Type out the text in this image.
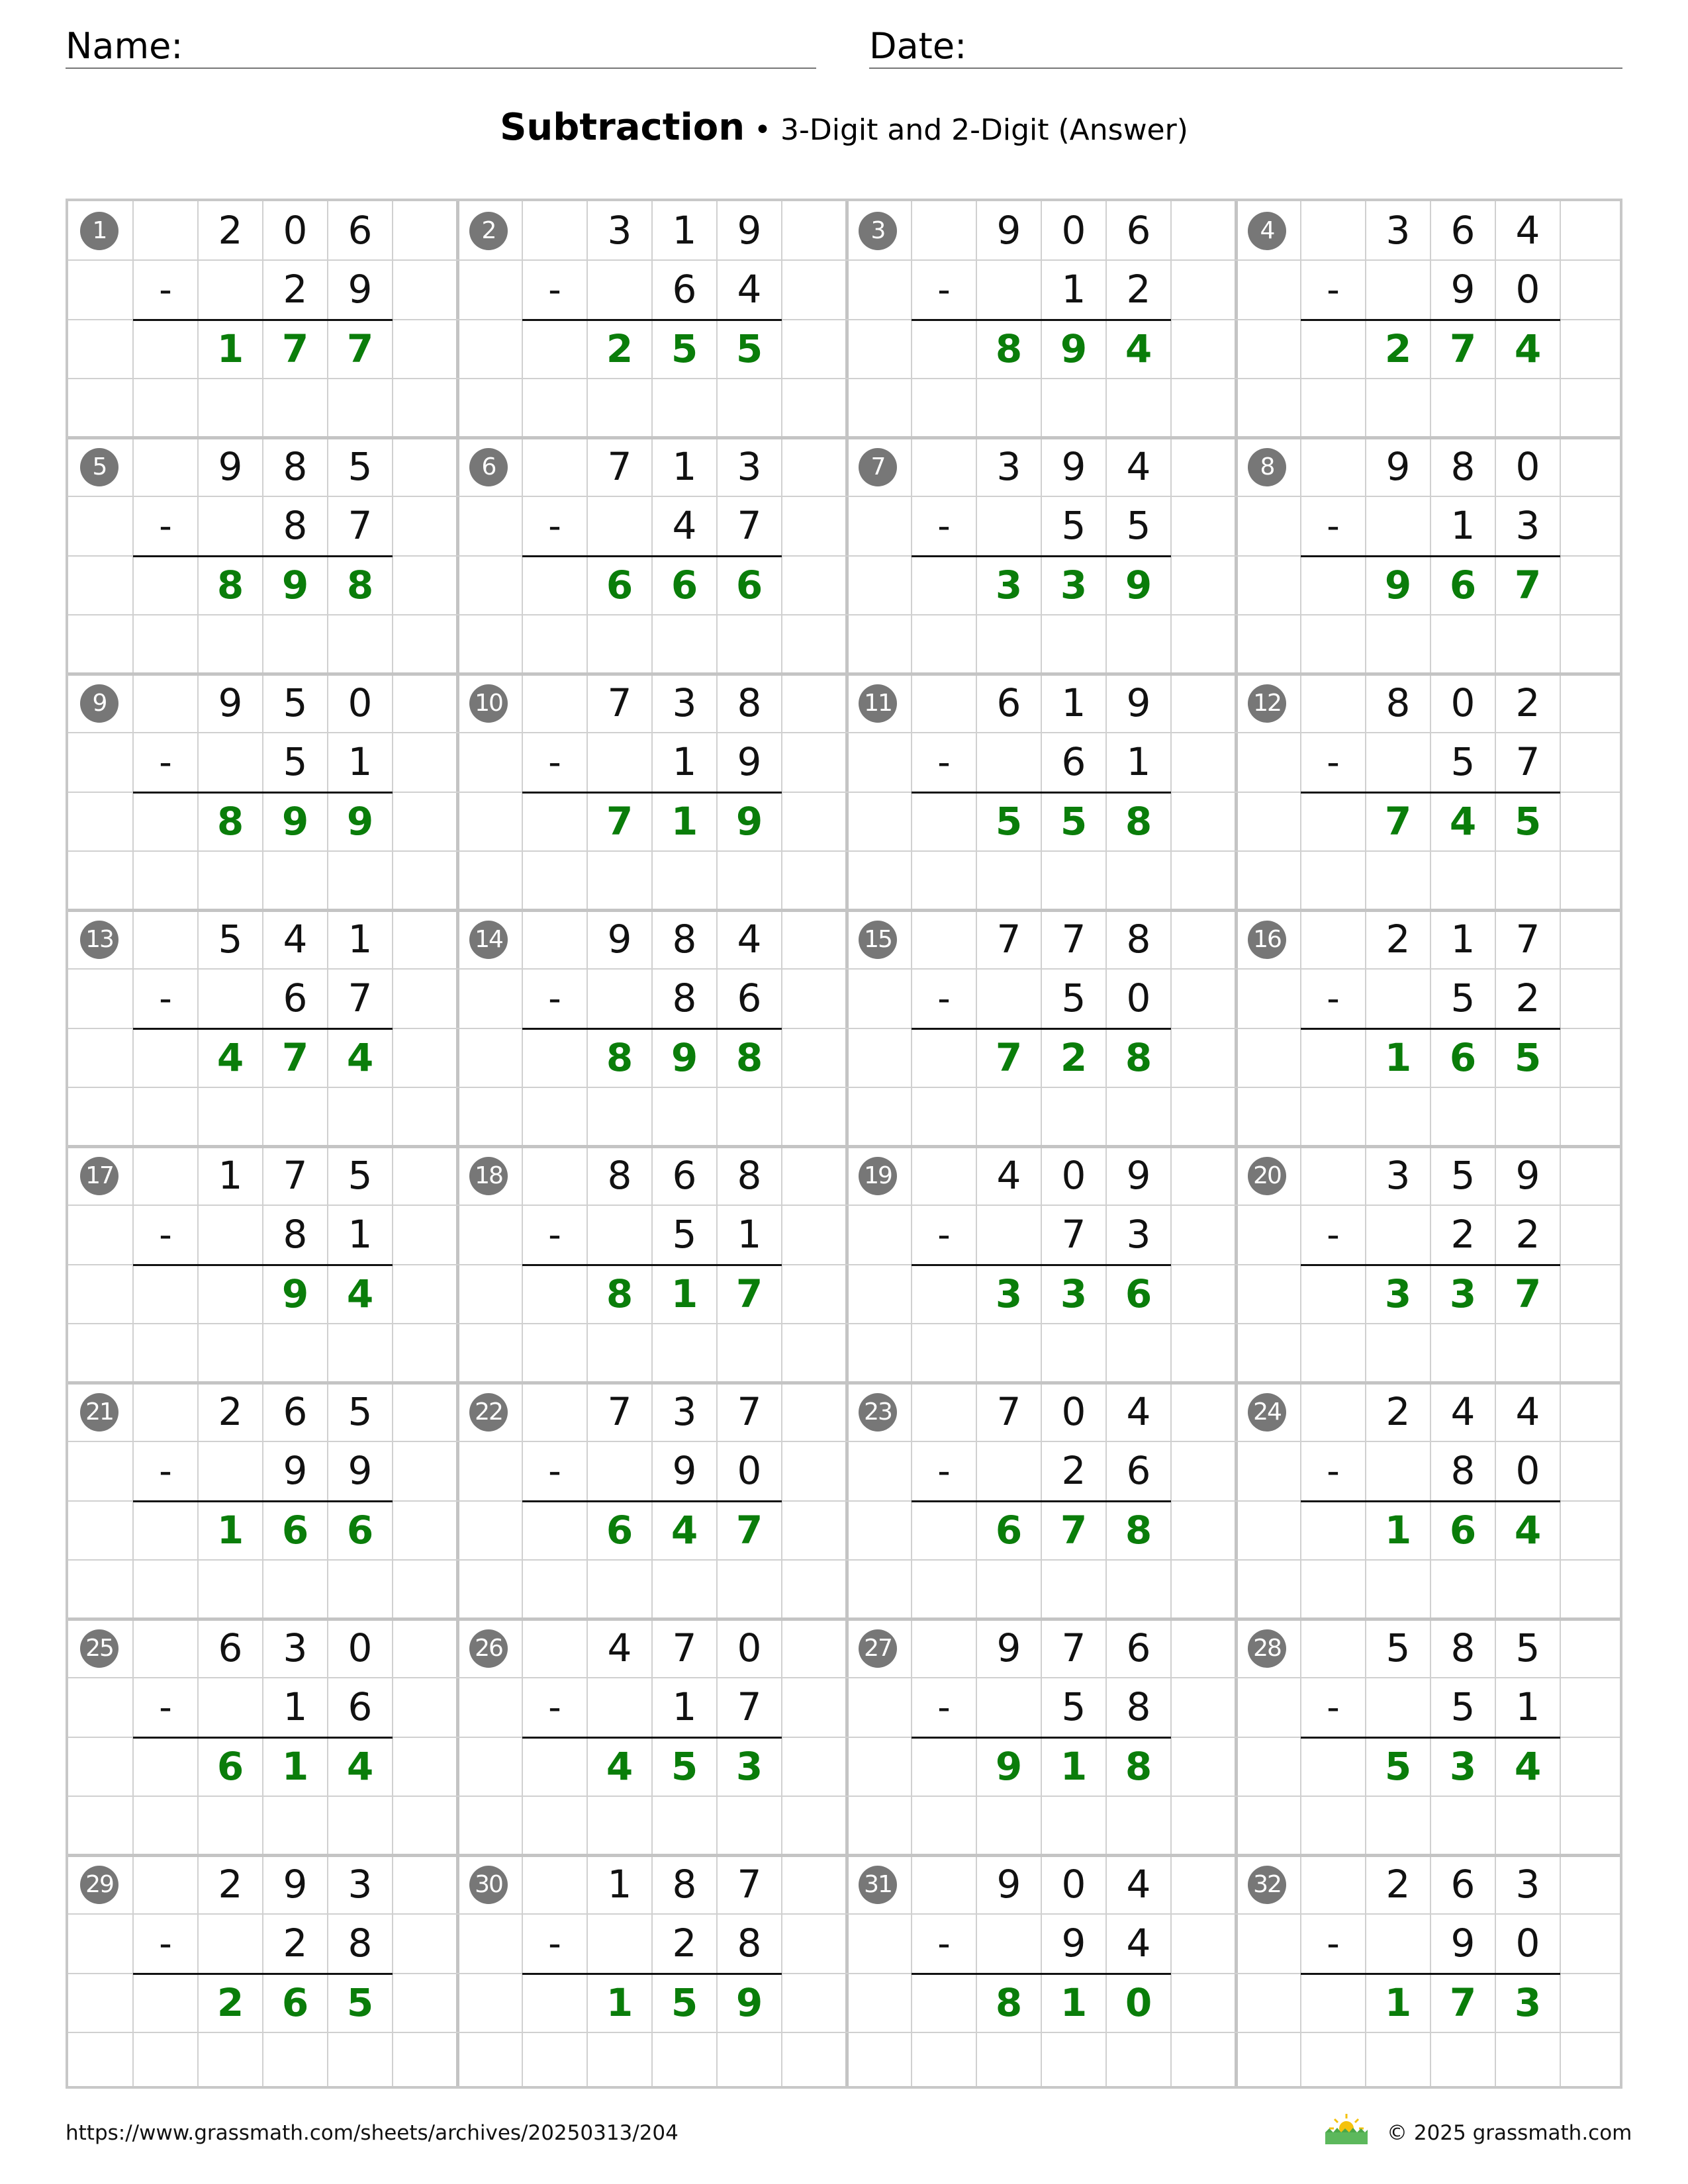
Name:	Date:
Subtraction • 3-Digit and 2-Digit (Answer)
1	2	0	6
-	2	9
1 7 7
2	3	1	9
-	6	4
2 5 5
3	9	0	6
-	1	2
8 9 4
4	3	6	4
-	9	0
2 7 4
5	9	8	5
-	8	7
8 9 8
6	7	1	3
-	4	7
6 6 6
7	3	9	4
-	5	5
3 3 9
8	9	8	0
-	1	3
9 6 7
9	9	5	0
-	5	1
8 9 9
10	7	3	8
-	1	9
7 1 9
11	6	1	9
-	6	1
5 5 8
12	8	0	2
-	5	7
7 4 5
13	5	4	1
-	6	7
4 7 4
14	9	8	4
-	8	6
8 9 8
15	7	7	8
-	5	0
7 2 8
16	2	1	7
-	5	2
1 6 5
17	1	7	5
-	8	1
9 4
18	8	6	8
-	5	1
8 1 7
19	4	0	9
-	7	3
3 3 6
20	3	5	9
-	2	2
3 3 7
21	2	6	5
-	9	9
1 6 6
22	7	3	7
-	9	0
6 4 7
23	7	0	4
-	2	6
6 7 8
24	2	4	4
-	8	0
1 6 4
25	6	3	0
-	1	6
6 1 4
26	4	7	0
-	1	7
4 5 3
27	9	7	6
-	5	8
9 1 8
28	5	8	5
-	5	1
5 3 4
29	2	9	3
-	2	8
2 6 5
30	1	8	7
-	2	8
1 5 9
31	9	0	4
-	9	4
8 1 0
32	2	6	3
-	9	0
1 7 3
https://www.grassmath.com/sheets/archives/20250313/204	© 2025 grassmath.com
